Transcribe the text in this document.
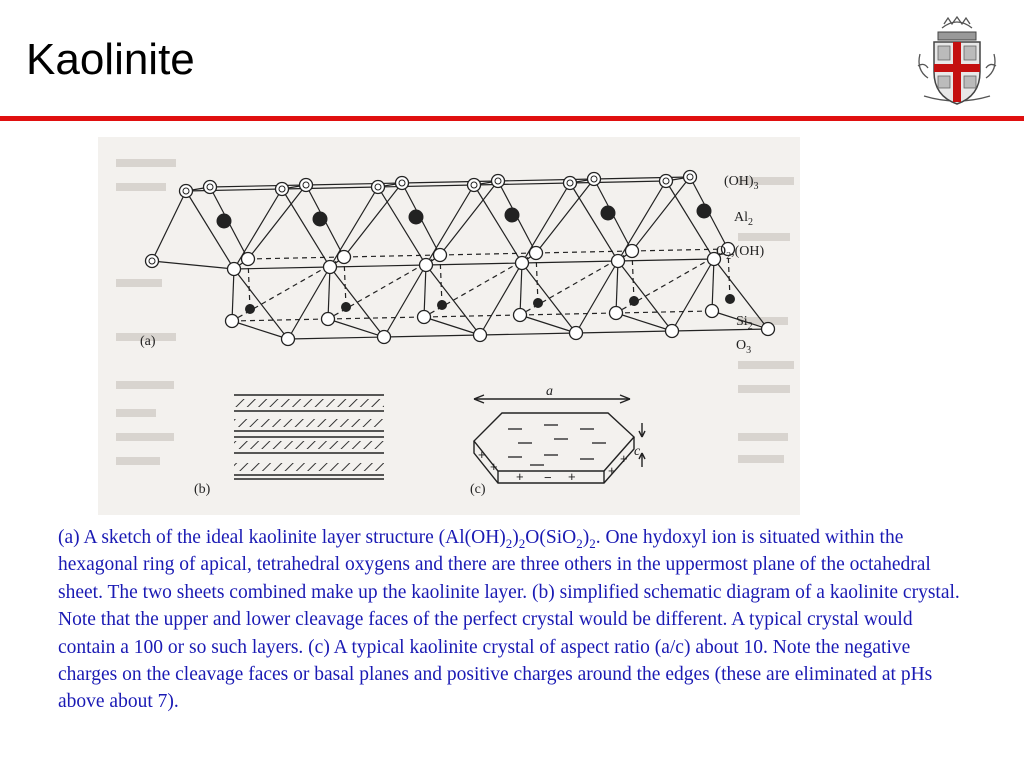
Kaolinite
$(OH)_3$
$Al_2$
$O_2,(OH)$
$Si_2$
$O_3$
(a)
(b)
+
+
+ − + +
+
a
c
(c)
(a) A sketch of the ideal kaolinite layer structure $(Al(OH)_2)_2O(SiO_2)_2$. One hydoxyl ion is situated within the hexagonal ring of apical, tetrahedral oxygens and there are three others in the uppermost plane of the octahedral sheet. The two sheets combined make up the kaolinite layer. (b) simplified schematic diagram of a kaolinite crystal. Note that the upper and lower cleavage faces of the perfect crystal would be different. A typical crystal would contain a 100 or so such layers. (c) A typical kaolinite crystal of aspect ratio (a/c) about 10. Note the negative charges on the cleavage faces or basal planes and positive charges around the edges (these are eliminated at pHs above about 7).
